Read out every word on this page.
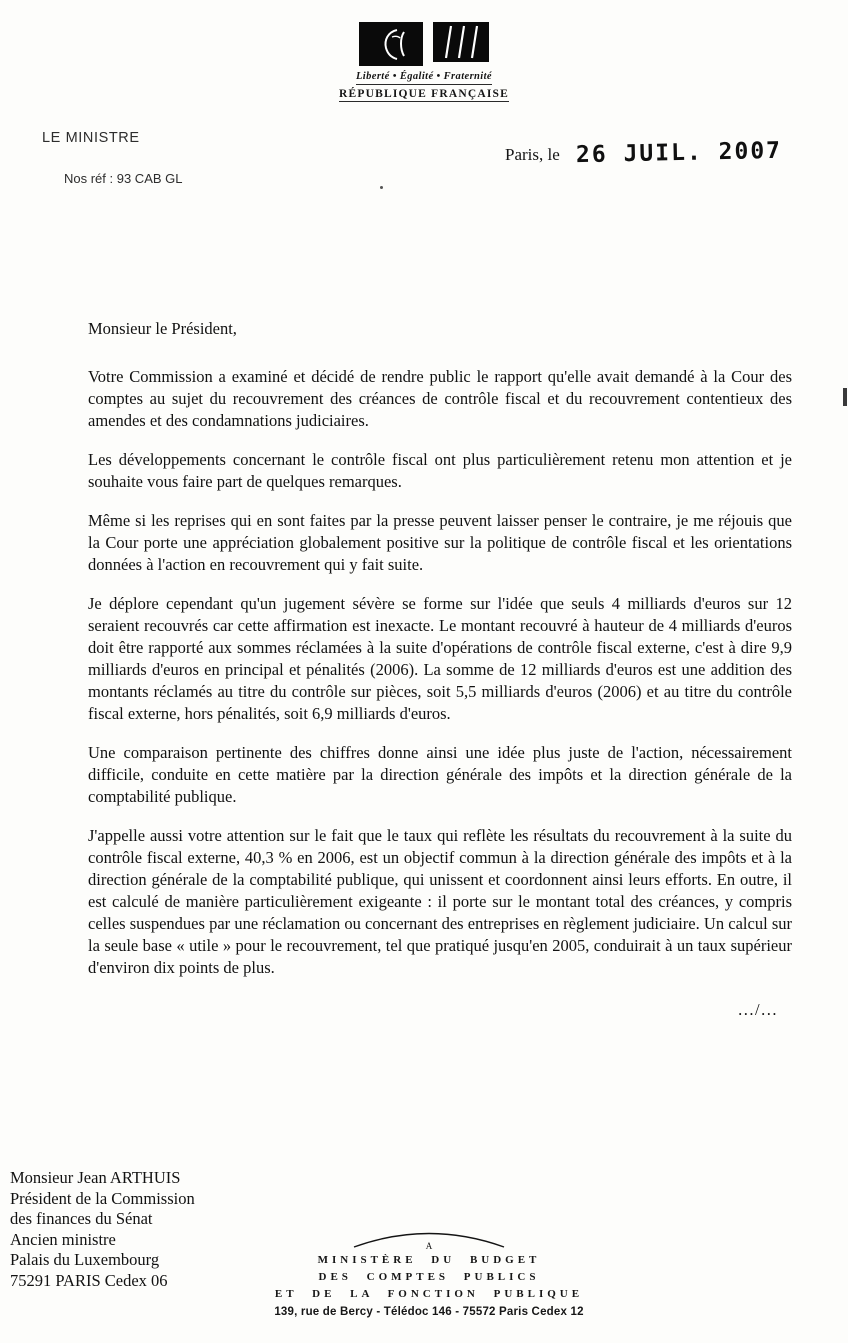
Liberté • Égalité • Fraternité
RÉPUBLIQUE FRANÇAISE
LE MINISTRE
Nos réf : 93 CAB GL
Paris, le 26 JUIL. 2007

Monsieur le Président,

Votre Commission a examiné et décidé de rendre public le rapport qu'elle avait demandé à la Cour des comptes au sujet du recouvrement des créances de contrôle fiscal et du recouvrement contentieux des amendes et des condamnations judiciaires.

Les développements concernant le contrôle fiscal ont plus particulièrement retenu mon attention et je souhaite vous faire part de quelques remarques.

Même si les reprises qui en sont faites par la presse peuvent laisser penser le contraire, je me réjouis que la Cour porte une appréciation globalement positive sur la politique de contrôle fiscal et les orientations données à l'action en recouvrement qui y fait suite.

Je déplore cependant qu'un jugement sévère se forme sur l'idée que seuls 4 milliards d'euros sur 12 seraient recouvrés car cette affirmation est inexacte. Le montant recouvré à hauteur de 4 milliards d'euros doit être rapporté aux sommes réclamées à la suite d'opérations de contrôle fiscal externe, c'est à dire 9,9 milliards d'euros en principal et pénalités (2006). La somme de 12 milliards d'euros est une addition des montants réclamés au titre du contrôle sur pièces, soit 5,5 milliards d'euros (2006) et au titre du contrôle fiscal externe, hors pénalités, soit 6,9 milliards d'euros.

Une comparaison pertinente des chiffres donne ainsi une idée plus juste de l'action, nécessairement difficile, conduite en cette matière par la direction générale des impôts et la direction générale de la comptabilité publique.

J'appelle aussi votre attention sur le fait que le taux qui reflète les résultats du recouvrement à la suite du contrôle fiscal externe, 40,3 % en 2006, est un objectif commun à la direction générale des impôts et à la direction générale de la comptabilité publique, qui unissent et coordonnent ainsi leurs efforts. En outre, il est calculé de manière particulièrement exigeante : il porte sur le montant total des créances, y compris celles suspendues par une réclamation ou concernant des entreprises en règlement judiciaire. Un calcul sur la seule base « utile » pour le recouvrement, tel que pratiqué jusqu'en 2005, conduirait à un taux supérieur d'environ dix points de plus.

.../...
Monsieur Jean ARTHUIS
Président de la Commission
des finances du Sénat
Ancien ministre
Palais du Luxembourg
75291 PARIS Cedex 06
A
MINISTÈRE DU BUDGET
DES COMPTES PUBLICS
ET DE LA FONCTION PUBLIQUE
139, rue de Bercy - Télédoc 146 - 75572 Paris Cedex 12
